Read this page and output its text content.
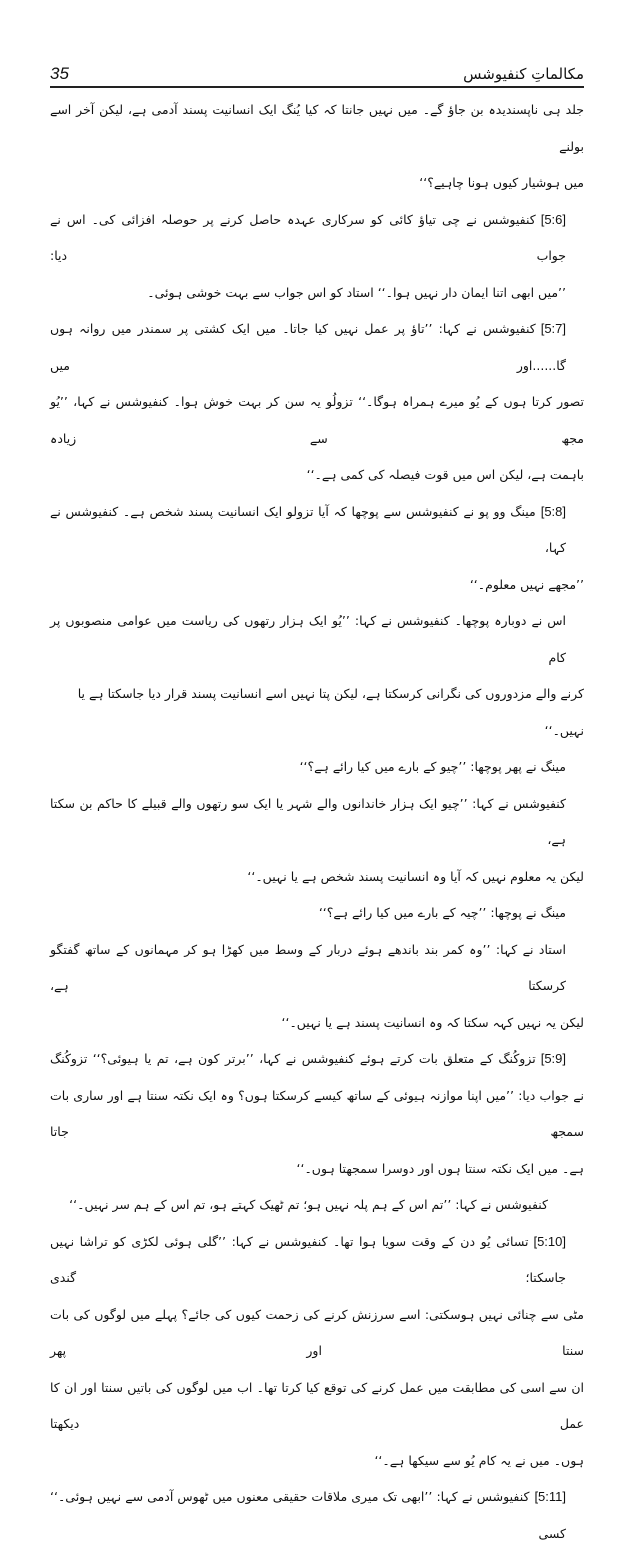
35	مکالماتِ کنفیوشس
جلد ہی ناپسندیدہ بن جاؤ گے۔ میں نہیں جانتا کہ کیا یُنگ ایک انسانیت پسند آدمی ہے، لیکن آخر اسے بولنے
میں ہوشیار کیوں ہونا چاہیے؟‘‘
[5:6]کنفیوشس نے چی تیاؤ کائی کو سرکاری عہدہ حاصل کرنے پر حوصلہ افزائی کی۔ اس نے جواب دیا:
’’میں ابھی اتنا ایمان دار نہیں ہوا۔‘‘ استاد کو اس جواب سے بہت خوشی ہوئی۔
[5:7]کنفیوشس نے کہا: ’’تاؤ پر عمل نہیں کیا جاتا۔ میں ایک کشتی پر سمندر میں روانہ ہوں گا......اور میں
تصور کرتا ہوں کے یُو میرے ہمراہ ہوگا۔‘‘ تزولُو یہ سن کر بہت خوش ہوا۔ کنفیوشس نے کہا، ’’یُو مجھ سے زیادہ
باہمت ہے، لیکن اس میں قوت فیصلہ کی کمی ہے۔‘‘
[5:8]مینگ وو پو نے کنفیوشس سے پوچھا کہ آیا تزولو ایک انسانیت پسند شخص ہے۔ کنفیوشس نے کہا،
’’مجھے نہیں معلوم۔‘‘
اس نے دوبارہ پوچھا۔ کنفیوشس نے کہا: ’’یُو ایک ہزار رتھوں کی ریاست میں عوامی منصوبوں پر کام
کرنے والے مزدوروں کی نگرانی کرسکتا ہے، لیکن پتا نہیں اسے انسانیت پسند قرار دیا جاسکتا ہے یا نہیں۔‘‘
مینگ نے پھر پوچھا: ’’چیو کے بارے میں کیا رائے ہے؟‘‘
کنفیوشس نے کہا: ’’چیو ایک ہزار خاندانوں والے شہر یا ایک سو رتھوں والے قبیلے کا حاکم بن سکتا ہے،
لیکن یہ معلوم نہیں کہ آیا وہ انسانیت پسند شخص ہے یا نہیں۔‘‘
مینگ نے پوچھا: ’’چیہ کے بارے میں کیا رائے ہے؟‘‘
استاد نے کہا: ’’وہ کمر بند باندھے ہوئے دربار کے وسط میں کھڑا ہو کر مہمانوں کے ساتھ گفتگو کرسکتا ہے،
لیکن یہ نہیں کہہ سکتا کہ وہ انسانیت پسند ہے یا نہیں۔‘‘
[5:9]تزوکُنگ کے متعلق بات کرتے ہوئے کنفیوشس نے کہا، ’’برتر کون ہے، تم یا ہیوئی؟‘‘ تزوکُنگ
نے جواب دیا: ’’میں اپنا موازنہ ہیوئی کے ساتھ کیسے کرسکتا ہوں؟ وہ ایک نکتہ سنتا ہے اور ساری بات سمجھ جاتا
ہے۔ میں ایک نکتہ سنتا ہوں اور دوسرا سمجھتا ہوں۔‘‘
کنفیوشس نے کہا: ’’تم اس کے ہم پلہ نہیں ہو؛ تم ٹھیک کہتے ہو، تم اس کے ہم سر نہیں۔‘‘
[5:10]تسائی یُو دن کے وقت سویا ہوا تھا۔ کنفیوشس نے کہا: ’’گلی ہوئی لکڑی کو تراشا نہیں جاسکتا؛ گندی
مٹی سے چنائی نہیں ہوسکتی: اسے سرزنش کرنے کی زحمت کیوں کی جائے؟ پہلے میں لوگوں کی بات سنتا اور پھر
ان سے اسی کی مطابقت میں عمل کرنے کی توقع کیا کرتا تھا۔ اب میں لوگوں کی باتیں سنتا اور ان کا عمل دیکھتا
ہوں۔ میں نے یہ کام یُو سے سیکھا ہے۔‘‘
[5:11]کنفیوشس نے کہا: ’’ابھی تک میری ملاقات حقیقی معنوں میں ٹھوس آدمی سے نہیں ہوئی۔‘‘ کسی
